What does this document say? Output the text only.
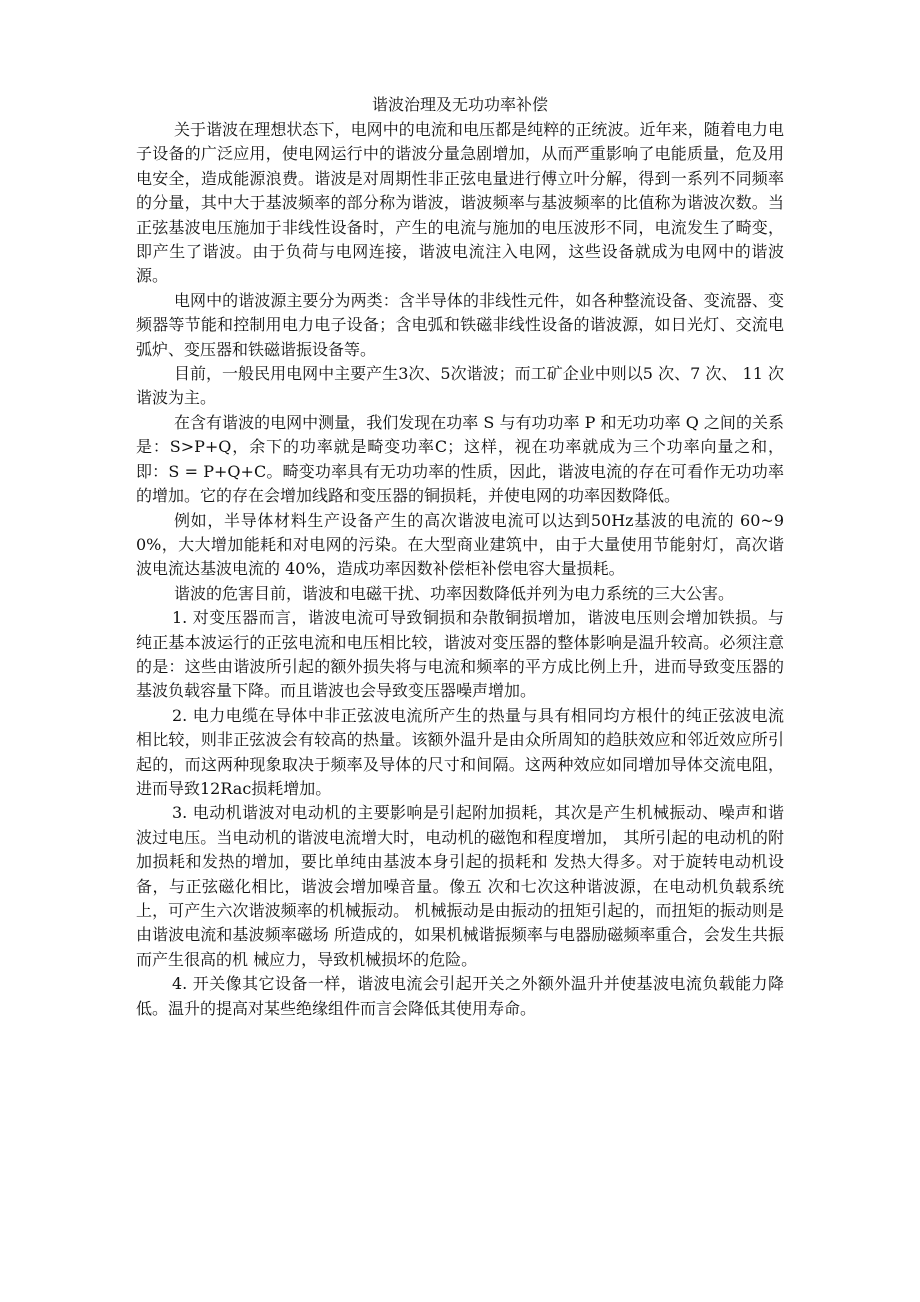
谐波治理及无功功率补偿

关于谐波在理想状态下，电网中的电流和电压都是纯粹的正统波。近年来，随着电力电子设备的广泛应用，使电网运行中的谐波分量急剧增加，从而严重影响了电能质量，危及用电安全，造成能源浪费。谐波是对周期性非正弦电量进行傅立叶分解，得到一系列不同频率的分量，其中大于基波频率的部分称为谐波，谐波频率与基波频率的比值称为谐波次数。当正弦基波电压施加于非线性设备时，产生的电流与施加的电压波形不同，电流发生了畸变，即产生了谐波。由于负荷与电网连接，谐波电流注入电网，这些设备就成为电网中的谐波源。

电网中的谐波源主要分为两类：含半导体的非线性元件，如各种整流设备、变流器、变频器等节能和控制用电力电子设备；含电弧和铁磁非线性设备的谐波源，如日光灯、交流电弧炉、变压器和铁磁谐振设备等。

目前，一般民用电网中主要产生3次、5次谐波；而工矿企业中则以5 次、7 次、 11 次谐波为主。

在含有谐波的电网中测量，我们发现在功率 S 与有功功率 P 和无功功率 Q 之间的关系是：S>P+Q，余下的功率就是畸变功率C；这样，视在功率就成为三个功率向量之和，即：S = P+Q+C。畸变功率具有无功功率的性质，因此，谐波电流的存在可看作无功功率的增加。它的存在会增加线路和变压器的铜损耗，并使电网的功率因数降低。

例如，半导体材料生产设备产生的高次谐波电流可以达到50Hz基波的电流的 60~90%，大大增加能耗和对电网的污染。在大型商业建筑中，由于大量使用节能射灯，高次谐波电流达基波电流的 40%，造成功率因数补偿柜补偿电容大量损耗。

谐波的危害目前，谐波和电磁干扰、功率因数降低并列为电力系统的三大公害。

1. 对变压器而言，谐波电流可导致铜损和杂散铜损增加，谐波电压则会增加铁损。与纯正基本波运行的正弦电流和电压相比较，谐波对变压器的整体影响是温升较高。必须注意的是：这些由谐波所引起的额外损失将与电流和频率的平方成比例上升，进而导致变压器的基波负载容量下降。而且谐波也会导致变压器噪声增加。

2. 电力电缆在导体中非正弦波电流所产生的热量与具有相同均方根什的纯正弦波电流相比较，则非正弦波会有较高的热量。该额外温升是由众所周知的趋肤效应和邻近效应所引起的，而这两种现象取决于频率及导体的尺寸和间隔。这两种效应如同增加导体交流电阻，进而导致12Rac损耗增加。

3. 电动机谐波对电动机的主要影响是引起附加损耗，其次是产生机械振动、噪声和谐波过电压。当电动机的谐波电流增大时，电动机的磁饱和程度增加， 其所引起的电动机的附加损耗和发热的增加，要比单纯由基波本身引起的损耗和 发热大得多。对于旋转电动机设备，与正弦磁化相比，谐波会增加噪音量。像五 次和七次这种谐波源，在电动机负载系统上，可产生六次谐波频率的机械振动。 机械振动是由振动的扭矩引起的，而扭矩的振动则是由谐波电流和基波频率磁场 所造成的，如果机械谐振频率与电器励磁频率重合，会发生共振而产生很高的机 械应力，导致机械损坏的危险。

4. 开关像其它设备一样，谐波电流会引起开关之外额外温升并使基波电流负载能力降低。温升的提高对某些绝缘组件而言会降低其使用寿命。
